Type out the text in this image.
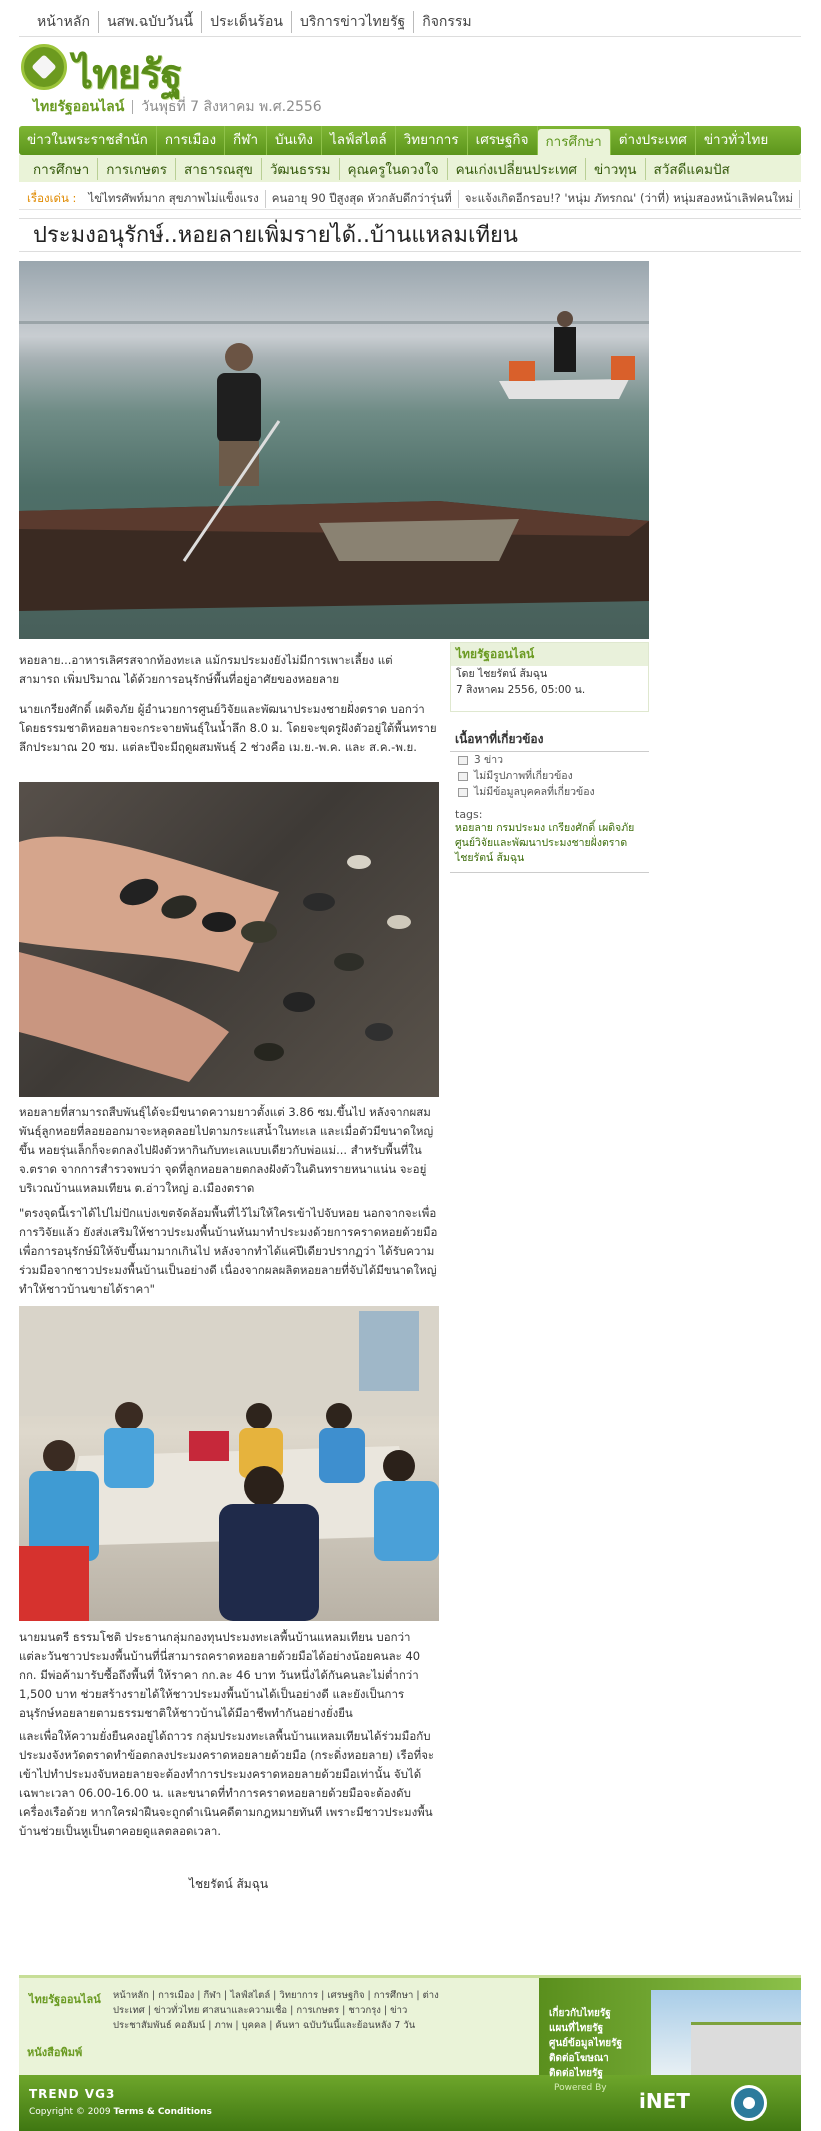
หน้าหลัก	นสพ.ฉบับวันนี้	ประเด็นร้อน	บริการข่าวไทยรัฐ	กิจกรรม
ไทยรัฐ
ไทยรัฐออนไลน์ วันพุธที่ 7 สิงหาคม พ.ศ.2556
ข่าวในพระราชสำนัก	การเมือง	กีฬา	บันเทิง	ไลฟ์สไตล์	วิทยาการ	เศรษฐกิจ	การศึกษา	ต่างประเทศ	ข่าวทั่วไทย
การศึกษา	การเกษตร	สาธารณสุข	วัฒนธรรม	คุณครูในดวงใจ	คนเก่งเปลี่ยนประเทศ	ข่าวทุน	สวัสดีแคมปัส
เรื่องเด่น :	ไข่ไทรศัพท์มาก สุขภาพไม่แข็งแรง	คนอายุ 90 ปีสูงสุด หัวกลับดึกว่ารุ่นที่	จะแจ้งเกิดอีกรอบ!? 'หนุ่ม ภัทรกณ' (ว่าที่) หนุ่มสองหน้าเลิฟคนใหม่
ประมงอนุรักษ์..หอยลายเพิ่มรายได้..บ้านแหลมเทียน
หอยลาย...อาหารเลิศรสจากท้องทะเล แม้กรมประมงยังไม่มีการเพาะเลี้ยง แต่สามารถ เพิ่มปริมาณ ได้ด้วยการอนุรักษ์พื้นที่อยู่อาศัยของหอยลาย
นายเกรียงศักดิ์ เผดิจภัย ผู้อำนวยการศูนย์วิจัยและพัฒนาประมงชายฝั่งตราด บอกว่า โดยธรรมชาติหอยลายจะกระจายพันธุ์ในน้ำลึก 8.0 ม. โดยจะขุดรูฝังตัวอยู่ใต้พื้นทรายลึกประมาณ 20 ซม. แต่ละปีจะมีฤดูผสมพันธุ์ 2 ช่วงคือ เม.ย.-พ.ค. และ ส.ค.-พ.ย.
ไทยรัฐออนไลน์
โดย ไชยรัตน์ ส้มฉุน
7 สิงหาคม 2556, 05:00 น.
เนื้อหาที่เกี่ยวข้อง
3 ข่าว
ไม่มีรูปภาพที่เกี่ยวข้อง
ไม่มีข้อมูลบุคคลที่เกี่ยวข้อง
tags:
หอยลาย กรมประมง เกรียงศักดิ์ เผดิจภัย ศูนย์วิจัยและพัฒนาประมงชายฝั่งตราด ไชยรัตน์ ส้มฉุน
หอยลายที่สามารถสืบพันธุ์ได้จะมีขนาดความยาวตั้งแต่ 3.86 ซม.ขึ้นไป หลังจากผสมพันธุ์ลูกหอยที่ลอยออกมาจะหลุดลอยไปตามกระแสน้ำในทะเล และเมื่อตัวมีขนาดใหญ่ขึ้น หอยรุ่นเล็กก็จะตกลงไปฝังตัวหากินกับทะเลแบบเดียวกับพ่อแม่... สำหรับพื้นที่ใน จ.ตราด จากการสำรวจพบว่า จุดที่ลูกหอยลายตกลงฝังตัวในดินทรายหนาแน่น จะอยู่บริเวณบ้านแหลมเทียน ต.อ่าวใหญ่ อ.เมืองตราด
"ตรงจุดนี้เราได้ไปไม่ปักแบ่งเขตจัดล้อมพื้นที่ไว้ไม่ให้ใครเข้าไปจับหอย นอกจากจะเพื่อการวิจัยแล้ว ยังส่งเสริมให้ชาวประมงพื้นบ้านหันมาทำประมงด้วยการคราดหอยด้วยมือ เพื่อการอนุรักษ์มิให้จับขึ้นมามากเกินไป หลังจากทำได้แค่ปีเดียวปรากฏว่า ได้รับความร่วมมือจากชาวประมงพื้นบ้านเป็นอย่างดี เนื่องจากผลผลิตหอยลายที่จับได้มีขนาดใหญ่ ทำให้ชาวบ้านขายได้ราคา"
นายมนตรี ธรรมโชติ ประธานกลุ่มกองทุนประมงทะเลพื้นบ้านแหลมเทียน บอกว่า แต่ละวันชาวประมงพื้นบ้านที่นี่สามารถคราดหอยลายด้วยมือได้อย่างน้อยคนละ 40 กก. มีพ่อค้ามารับซื้อถึงพื้นที่ ให้ราคา กก.ละ 46 บาท วันหนึ่งได้กันคนละไม่ต่ำกว่า 1,500 บาท ช่วยสร้างรายได้ให้ชาวประมงพื้นบ้านได้เป็นอย่างดี และยังเป็นการอนุรักษ์หอยลายตามธรรมชาติให้ชาวบ้านได้มีอาชีพทำกันอย่างยั่งยืน
และเพื่อให้ความยั่งยืนคงอยู่ได้ถาวร กลุ่มประมงทะเลพื้นบ้านแหลมเทียนได้ร่วมมือกับประมงจังหวัดตราดทำข้อตกลงประมงคราดหอยลายด้วยมือ (กระดิ่งหอยลาย) เรือที่จะเข้าไปทำประมงจับหอยลายจะต้องทำการประมงคราดหอยลายด้วยมือเท่านั้น จับได้เฉพาะเวลา 06.00-16.00 น. และขนาดที่ทำการคราดหอยลายด้วยมือจะต้องดับเครื่องเรือด้วย หากใครฝ่าฝืนจะถูกดำเนินคดีตามกฎหมายทันที เพราะมีชาวประมงพื้นบ้านช่วยเป็นหูเป็นตาคอยดูแลตลอดเวลา.
ไชยรัตน์ ส้มฉุน
ไทยรัฐออนไลน์
หนังสือพิมพ์
หน้าหลัก | การเมือง | กีฬา | ไลฟ์สไตล์ | วิทยาการ | เศรษฐกิจ | การศึกษา | ต่างประเทศ | ข่าวทั่วไทย ศาสนาและความเชื่อ | การเกษตร | ชาวกรุง | ข่าวประชาสัมพันธ์ คอลัมน์ | ภาพ | บุคคล | ค้นหา ฉบับวันนี้และย้อนหลัง 7 วัน
เกี่ยวกับไทยรัฐ
แผนที่ไทยรัฐ
ศูนย์ข้อมูลไทยรัฐ
ติดต่อโฆษณา
ติดต่อไทยรัฐ
TREND VG3
Copyright © 2009 Terms & Conditions
Powered By
iNET
